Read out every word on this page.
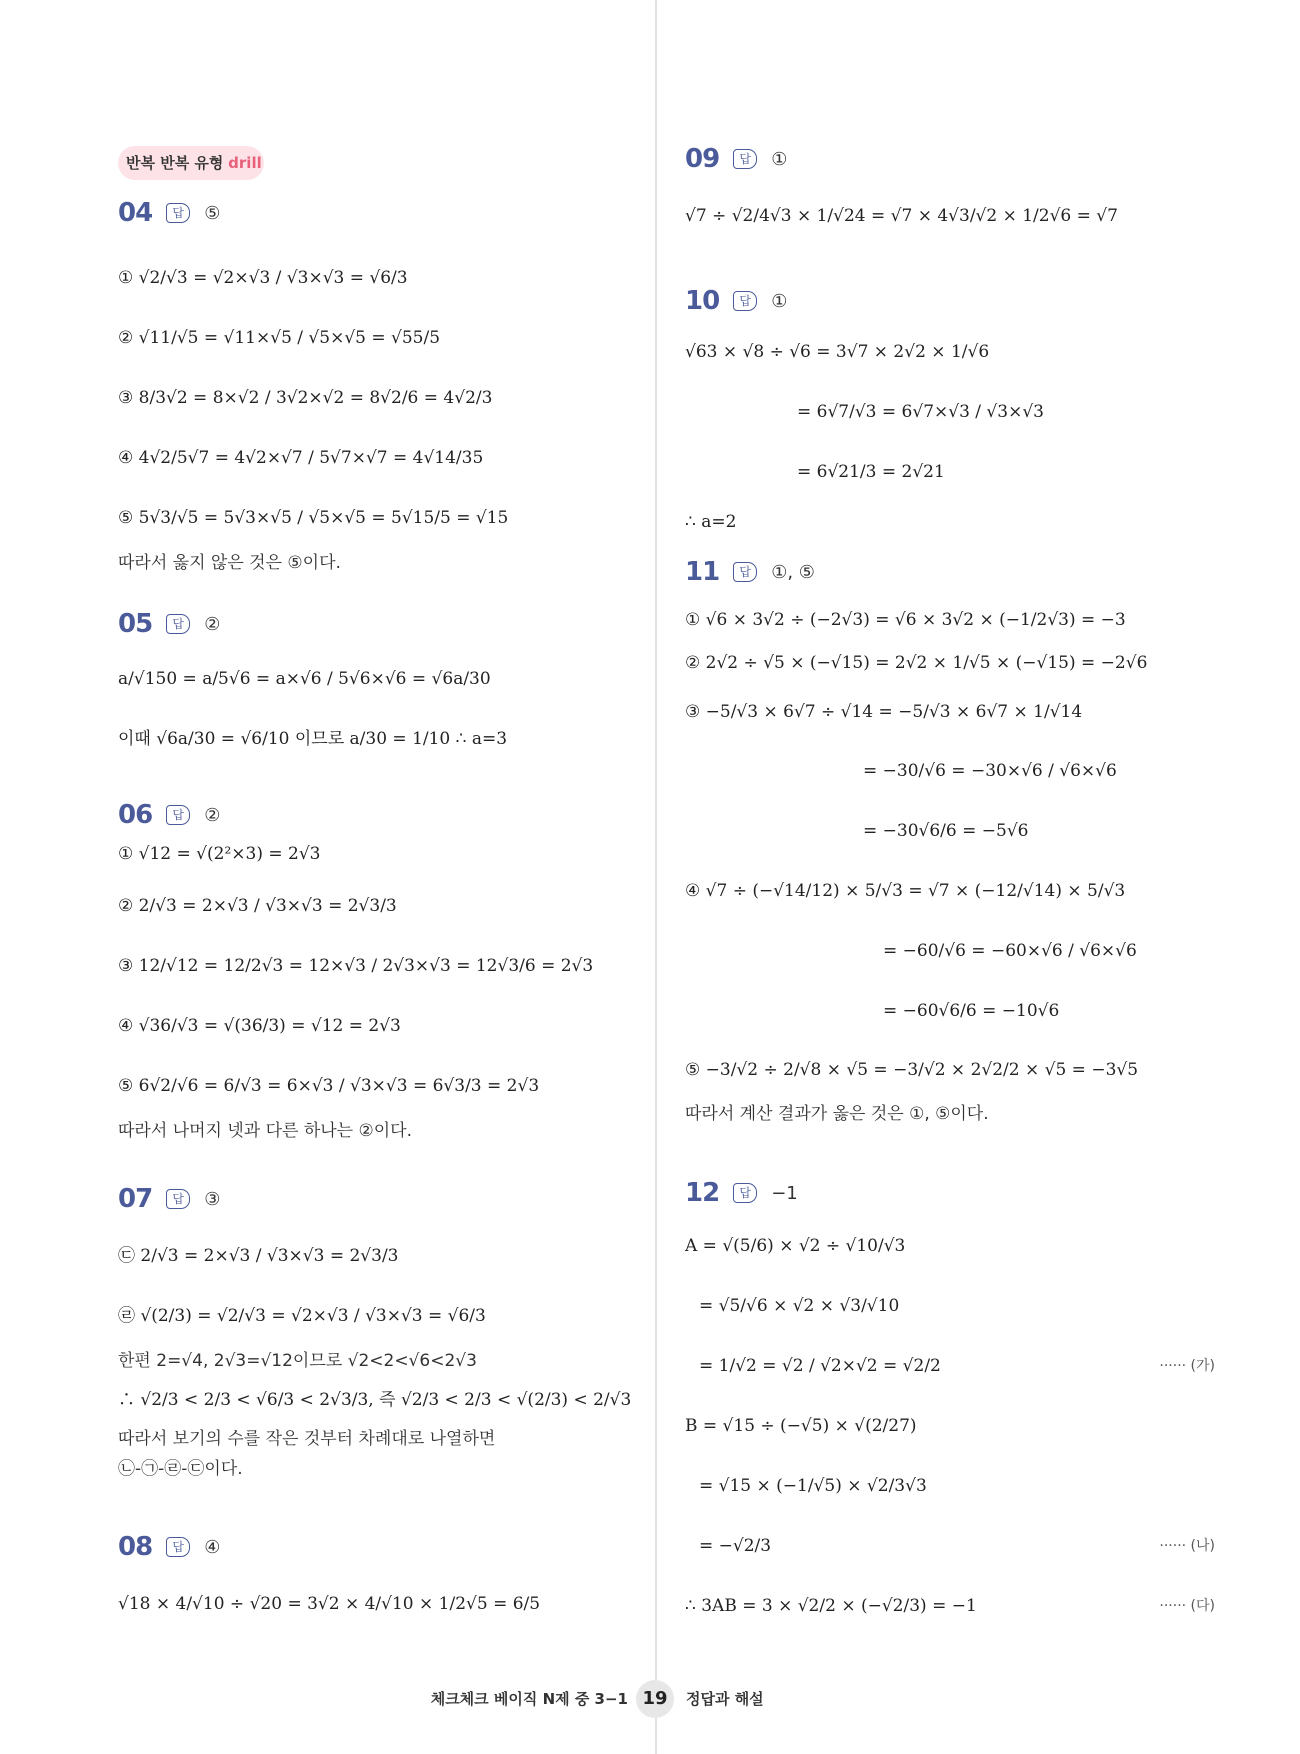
반복 반복 유형 drill
04	답	⑤
① √2/√3 = √2×√3 / √3×√3 = √6/3
② √11/√5 = √11×√5 / √5×√5 = √55/5
③ 8/3√2 = 8×√2 / 3√2×√2 = 8√2/6 = 4√2/3
④ 4√2/5√7 = 4√2×√7 / 5√7×√7 = 4√14/35
⑤ 5√3/√5 = 5√3×√5 / √5×√5 = 5√15/5 = √15
따라서 옳지 않은 것은 ⑤이다.
05	답	②
a/√150 = a/5√6 = a×√6 / 5√6×√6 = √6a/30
이때 √6a/30 = √6/10 이므로 a/30 = 1/10 ∴ a=3
06	답	②
① √12 = √(2²×3) = 2√3
② 2/√3 = 2×√3 / √3×√3 = 2√3/3
③ 12/√12 = 12/2√3 = 12×√3 / 2√3×√3 = 12√3/6 = 2√3
④ √36/√3 = √(36/3) = √12 = 2√3
⑤ 6√2/√6 = 6/√3 = 6×√3 / √3×√3 = 6√3/3 = 2√3
따라서 나머지 넷과 다른 하나는 ②이다.
07	답	③
㉢ 2/√3 = 2×√3 / √3×√3 = 2√3/3
㉣ √(2/3) = √2/√3 = √2×√3 / √3×√3 = √6/3
한편 2=√4, 2√3=√12이므로 √2<2<√6<2√3
∴ √2/3 < 2/3 < √6/3 < 2√3/3, 즉 √2/3 < 2/3 < √(2/3) < 2/√3
따라서 보기의 수를 작은 것부터 차례대로 나열하면
㉡-㉠-㉣-㉢이다.
08	답	④
√18 × 4/√10 ÷ √20 = 3√2 × 4/√10 × 1/2√5 = 6/5
09	답	①
√7 ÷ √2/4√3 × 1/√24 = √7 × 4√3/√2 × 1/2√6 = √7
10	답	①
√63 × √8 ÷ √6 = 3√7 × 2√2 × 1/√6
= 6√7/√3 = 6√7×√3 / √3×√3
= 6√21/3 = 2√21
∴ a=2
11	답	①, ⑤
① √6 × 3√2 ÷ (−2√3) = √6 × 3√2 × (−1/2√3) = −3
② 2√2 ÷ √5 × (−√15) = 2√2 × 1/√5 × (−√15) = −2√6
③ −5/√3 × 6√7 ÷ √14 = −5/√3 × 6√7 × 1/√14
= −30/√6 = −30×√6 / √6×√6
= −30√6/6 = −5√6
④ √7 ÷ (−√14/12) × 5/√3 = √7 × (−12/√14) × 5/√3
= −60/√6 = −60×√6 / √6×√6
= −60√6/6 = −10√6
⑤ −3/√2 ÷ 2/√8 × √5 = −3/√2 × 2√2/2 × √5 = −3√5
따라서 계산 결과가 옳은 것은 ①, ⑤이다.
12	답	−1
A = √(5/6) × √2 ÷ √10/√3
= √5/√6 × √2 × √3/√10
= 1/√2 = √2 / √2×√2 = √2/2	······ (가)
B = √15 ÷ (−√5) × √(2/27)
= √15 × (−1/√5) × √2/3√3
= −√2/3	······ (나)
∴ 3AB = 3 × √2/2 × (−√2/3) = −1	······ (다)
체크체크 베이직 N제 중 3−1 19	정답과 해설
